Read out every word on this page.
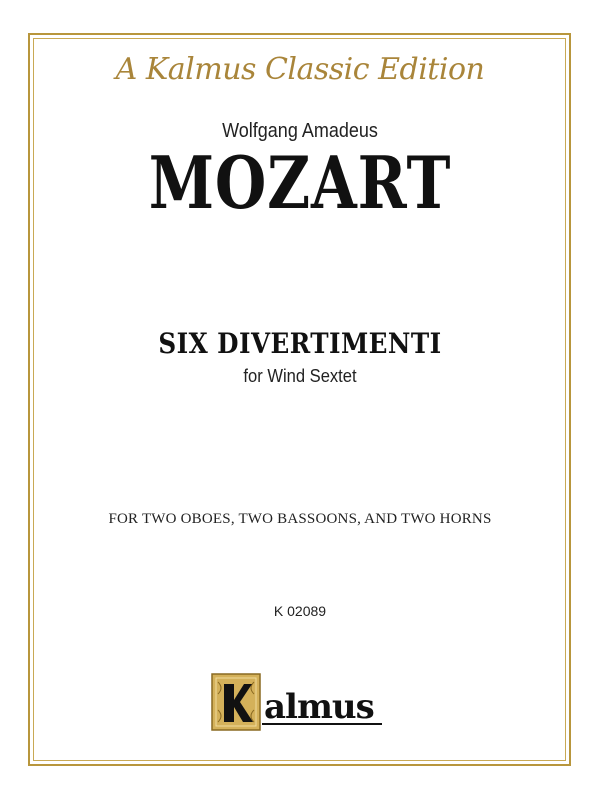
A Kalmus Classic Edition
Wolfgang Amadeus
MOZART
SIX DIVERTIMENTI
for Wind Sextet
FOR TWO OBOES, TWO BASSOONS, AND TWO HORNS
K 02089
almus
